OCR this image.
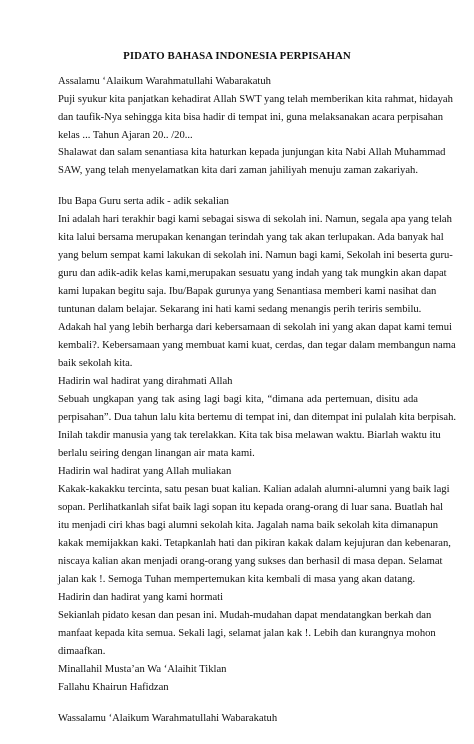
PIDATO BAHASA INDONESIA PERPISAHAN
Assalamu ‘Alaikum Warahmatullahi Wabarakatuh
Puji syukur kita panjatkan kehadirat Allah SWT yang telah memberikan kita rahmat, hidayah
dan taufik-Nya sehingga kita bisa hadir di tempat ini, guna melaksanakan acara perpisahan
kelas ... Tahun Ajaran 20.. /20...
Shalawat dan salam senantiasa kita haturkan kepada junjungan kita Nabi Allah Muhammad
SAW, yang telah menyelamatkan kita dari zaman jahiliyah menuju zaman zakariyah.
Ibu Bapa Guru serta adik - adik sekalian
Ini adalah hari terakhir bagi kami sebagai siswa di sekolah ini. Namun, segala apa yang telah
kita lalui bersama merupakan kenangan terindah yang tak akan terlupakan. Ada banyak hal
yang belum sempat kami lakukan di sekolah ini. Namun bagi kami, Sekolah ini beserta guru-
guru dan adik-adik kelas kami,merupakan sesuatu yang indah yang tak mungkin akan dapat
kami lupakan begitu saja. Ibu/Bapak gurunya yang Senantiasa memberi kami nasihat dan
tuntunan dalam belajar. Sekarang ini hati kami sedang menangis perih teriris sembilu.
Adakah hal yang lebih berharga dari kebersamaan di sekolah ini yang akan dapat kami temui
kembali?. Kebersamaan yang membuat kami kuat, cerdas, dan tegar dalam membangun nama
baik sekolah kita.
Hadirin wal hadirat yang dirahmati Allah
Sebuah ungkapan yang tak asing lagi bagi kita, “dimana ada pertemuan, disitu ada
perpisahan”. Dua tahun lalu kita bertemu di tempat ini, dan ditempat ini pulalah kita berpisah.
Inilah takdir manusia yang tak terelakkan. Kita tak bisa melawan waktu. Biarlah waktu itu
berlalu seiring dengan linangan air mata kami.
Hadirin wal hadirat yang Allah muliakan
Kakak-kakakku tercinta, satu pesan buat kalian. Kalian adalah alumni-alumni yang baik lagi
sopan. Perlihatkanlah sifat baik lagi sopan itu kepada orang-orang di luar sana. Buatlah hal
itu menjadi ciri khas bagi alumni sekolah kita. Jagalah nama baik sekolah kita dimanapun
kakak memijakkan kaki. Tetapkanlah hati dan pikiran kakak dalam kejujuran dan kebenaran,
niscaya kalian akan menjadi orang-orang yang sukses dan berhasil di masa depan. Selamat
jalan kak !. Semoga Tuhan mempertemukan kita kembali di masa yang akan datang.
Hadirin dan hadirat yang kami hormati
Sekianlah pidato kesan dan pesan ini. Mudah-mudahan dapat mendatangkan berkah dan
manfaat kepada kita semua. Sekali lagi, selamat jalan kak !. Lebih dan kurangnya mohon
dimaafkan.
Minallahil Musta’an Wa ‘Alaihit Tiklan
Fallahu Khairun Hafidzan
Wassalamu ‘Alaikum Warahmatullahi Wabarakatuh
